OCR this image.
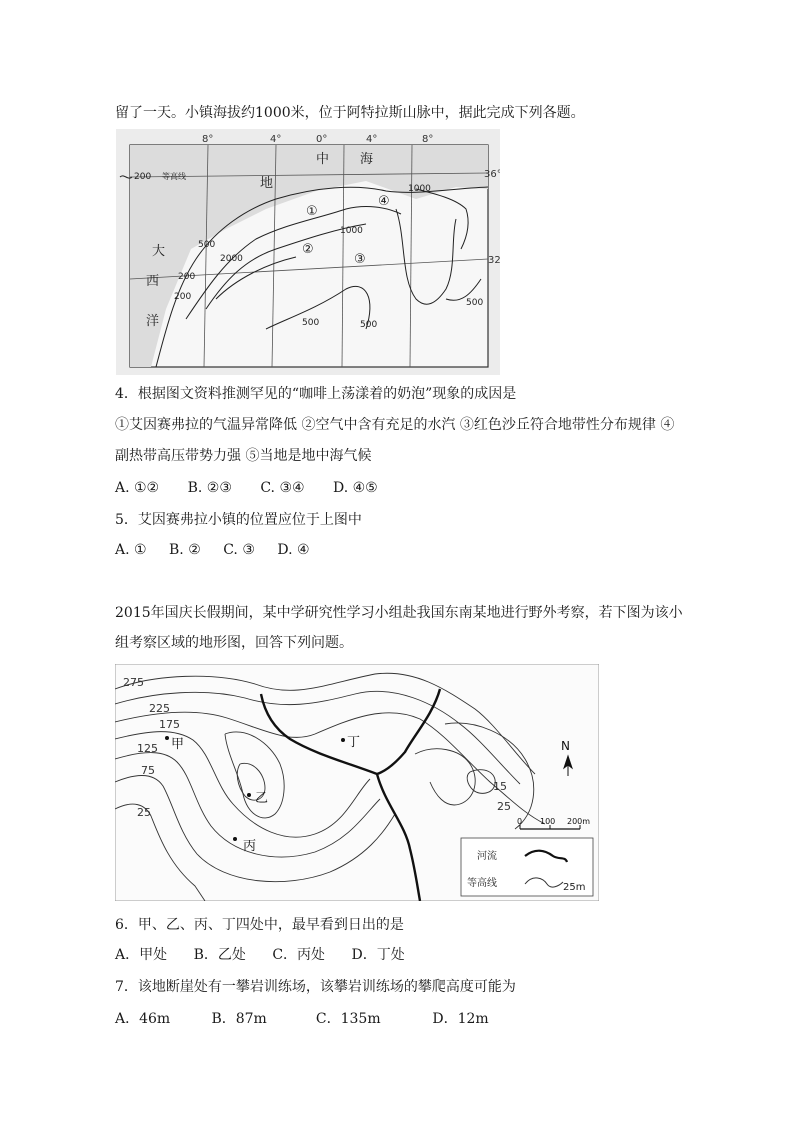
留了一天。小镇海拔约1000米，位于阿特拉斯山脉中，据此完成下列各题。
8°	4°	0°	4°	8°
36°
32
200 等高线
中 海
地
大
西
洋
1000
1000
500
200
2000
200
500	500
500
①
②
③
④
4．根据图文资料推测罕见的“咖啡上荡漾着的奶泡”现象的成因是
①艾因赛弗拉的气温异常降低 ②空气中含有充足的水汽 ③红色沙丘符合地带性分布规律 ④
副热带高压带势力强 ⑤当地是地中海气候
A. ①② B. ②③ C. ③④ D. ④⑤
5．艾因赛弗拉小镇的位置应位于上图中
A. ① B. ② C. ③ D. ④
2015年国庆长假期间，某中学研究性学习小组赴我国东南某地进行野外考察，若下图为该小
组考察区域的地形图，回答下列问题。
275
225
175
125
75
25
15
25
甲
乙
丙
丁	N
0 100 200m
河流
等高线	25m
6．甲、乙、丙、丁四处中，最早看到日出的是
A．甲处 B．乙处 C．丙处 D．丁处
7．该地断崖处有一攀岩训练场，该攀岩训练场的攀爬高度可能为
A．46m	B．87m	C．135m	D．12m
